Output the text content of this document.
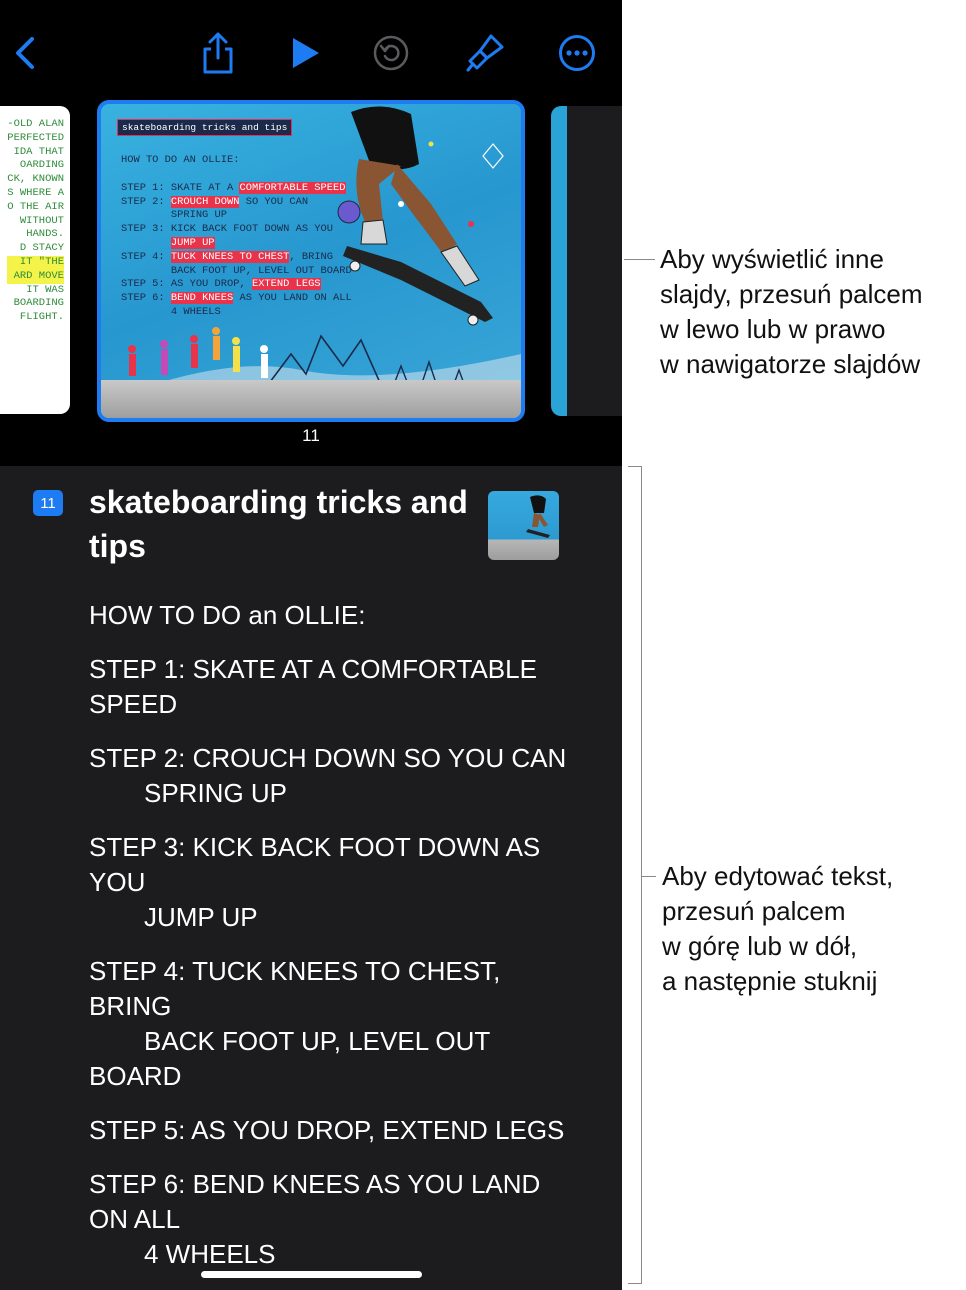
-OLD ALAN
PERFECTED
IDA THAT
OARDING
CK, KNOWN
S WHERE A
O THE AIR
WITHOUT
HANDS.
D STACY
IT "THE
ARD MOVE
IT WAS
BOARDING
FLIGHT.
skateboarding tricks and tips
HOW TO DO AN OLLIE:
STEP 1: SKATE AT A COMFORTABLE SPEED
STEP 2: CROUCH DOWN SO YOU CAN
SPRING UP
STEP 3: KICK BACK FOOT DOWN AS YOU
JUMP UP
STEP 4: TUCK KNEES TO CHEST, BRING
BACK FOOT UP, LEVEL OUT BOARD
STEP 5: AS YOU DROP, EXTEND LEGS
STEP 6: BEND KNEES AS YOU LAND ON ALL
4 WHEELS
11
11 skateboarding tricks and tips
HOW TO DO an OLLIE:
STEP 1: SKATE AT A COMFORTABLE SPEED
STEP 2: CROUCH DOWN SO YOU CAN
SPRING UP
STEP 3: KICK BACK FOOT DOWN AS YOU
JUMP UP
STEP 4: TUCK KNEES TO CHEST, BRING
BACK FOOT UP, LEVEL OUT
BOARD
STEP 5: AS YOU DROP, EXTEND LEGS
STEP 6: BEND KNEES AS YOU LAND ON ALL
4 WHEELS
Aby wyświetlić inne
slajdy, przesuń palcem
w lewo lub w prawo
w nawigatorze slajdów
Aby edytować tekst,
przesuń palcem
w górę lub w dół,
a następnie stuknij
